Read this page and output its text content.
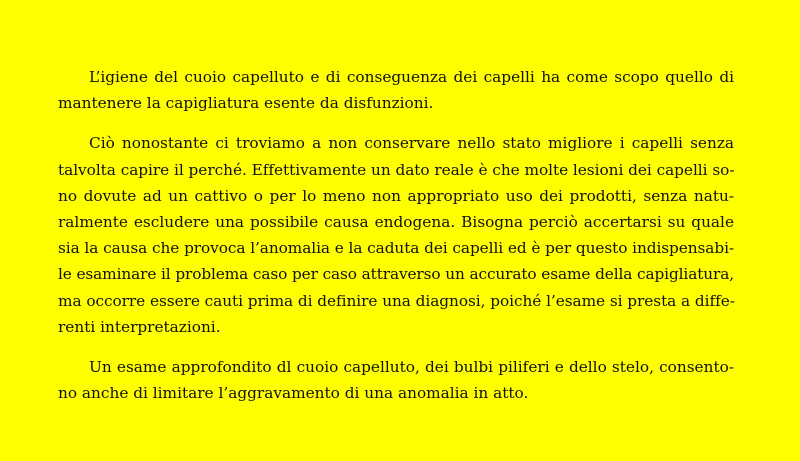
L’igiene del cuoio capelluto e di conseguenza dei capelli ha come scopo quello di
mantenere la capigliatura esente da disfunzioni.

Ciò nonostante ci troviamo a non conservare nello stato migliore i capelli senza
talvolta capire il perché. Effettivamente un dato reale è che molte lesioni dei capelli so-
no dovute ad un cattivo o per lo meno non appropriato uso dei prodotti, senza natu-
ralmente escludere una possibile causa endogena. Bisogna perciò accertarsi su quale
sia la causa che provoca l’anomalia e la caduta dei capelli ed è per questo indispensabi-
le esaminare il problema caso per caso attraverso un accurato esame della capigliatura,
ma occorre essere cauti prima di definire una diagnosi, poiché l’esame si presta a diffe-
renti interpretazioni.

Un esame approfondito dl cuoio capelluto, dei bulbi piliferi e dello stelo, consento-
no anche di limitare l’aggravamento di una anomalia in atto.
